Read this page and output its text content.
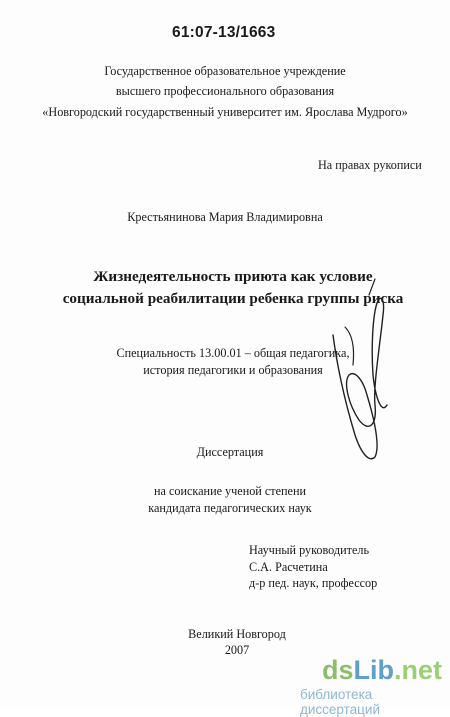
61:07-13/1663
Государственное образовательное учреждение
высшего профессионального образования
«Новгородский государственный университет им. Ярослава Мудрого»
На правах рукописи
Крестьянинова Мария Владимировна
Жизнедеятельность приюта как условие
социальной реабилитации ребенка группы риска
Специальность 13.00.01 – общая педагогика,
история педагогики и образования
Диссертация
на соискание ученой степени
кандидата педагогических наук
Научный руководитель
С.А. Расчетина
д-р пед. наук, профессор
Великий Новгород
2007
dsLib.net
библиотека диссертаций
